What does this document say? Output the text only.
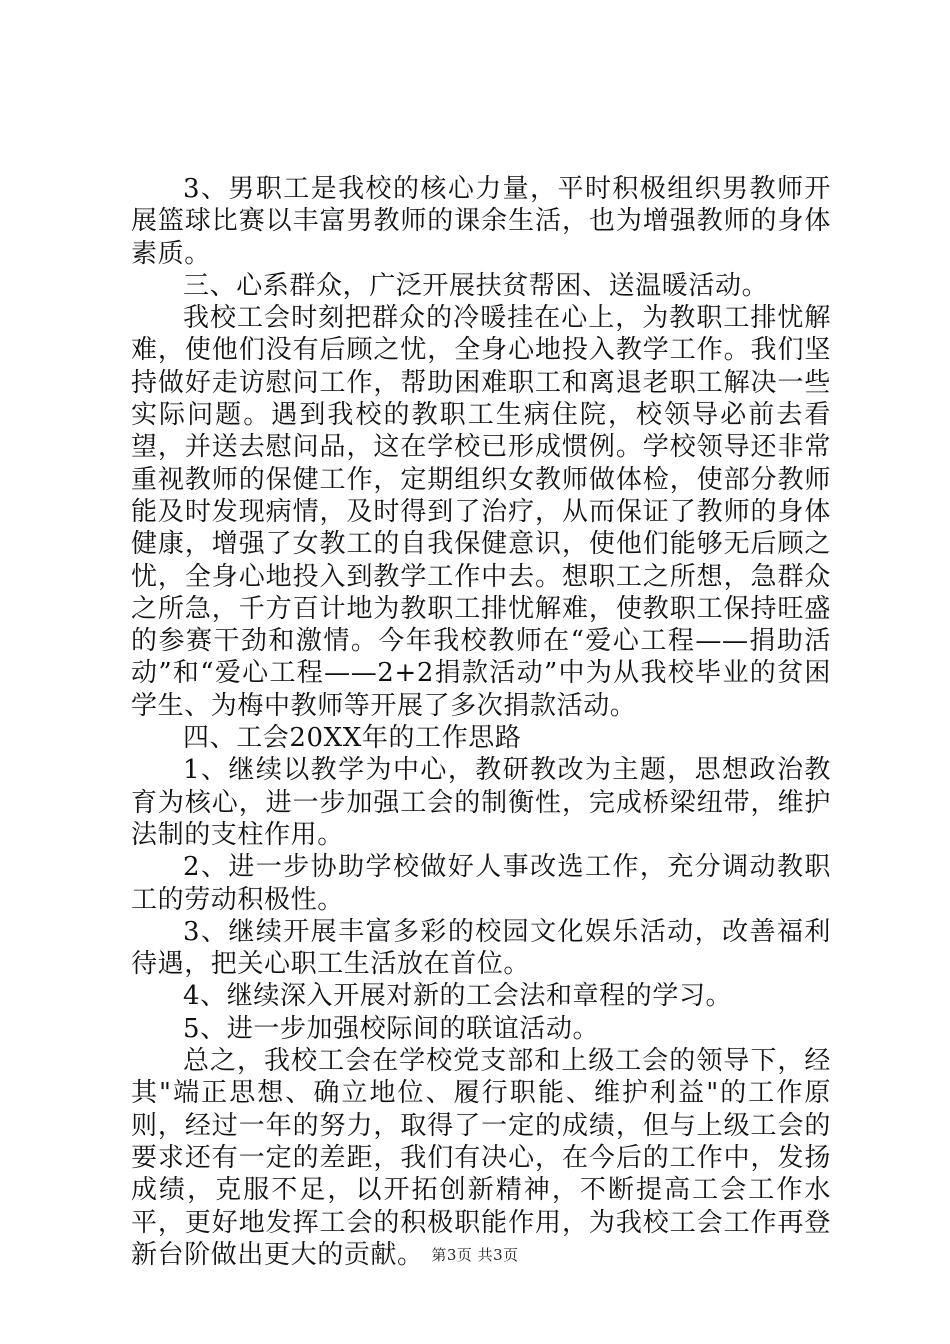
3、男职工是我校的核心力量，平时积极组织男教师开展篮球比赛以丰富男教师的课余生活，也为增强教师的身体素质。

三、心系群众，广泛开展扶贫帮困、送温暖活动。

我校工会时刻把群众的冷暖挂在心上，为教职工排忧解难，使他们没有后顾之忧，全身心地投入教学工作。我们坚持做好走访慰问工作，帮助困难职工和离退老职工解决一些实际问题。遇到我校的教职工生病住院，校领导必前去看望，并送去慰问品，这在学校已形成惯例。学校领导还非常重视教师的保健工作，定期组织女教师做体检，使部分教师能及时发现病情，及时得到了治疗，从而保证了教师的身体健康，增强了女教工的自我保健意识，使他们能够无后顾之忧，全身心地投入到教学工作中去。想职工之所想，急群众之所急，千方百计地为教职工排忧解难，使教职工保持旺盛的参赛干劲和激情。今年我校教师在“爱心工程——捐助活动”和“爱心工程——2+2捐款活动”中为从我校毕业的贫困学生、为梅中教师等开展了多次捐款活动。

四、工会20XX年的工作思路

1、继续以教学为中心，教研教改为主题，思想政治教育为核心，进一步加强工会的制衡性，完成桥梁纽带，维护法制的支柱作用。

2、进一步协助学校做好人事改选工作，充分调动教职工的劳动积极性。

3、继续开展丰富多彩的校园文化娱乐活动，改善福利待遇，把关心职工生活放在首位。

4、继续深入开展对新的工会法和章程的学习。

5、进一步加强校际间的联谊活动。

总之，我校工会在学校党支部和上级工会的领导下，经其"端正思想、确立地位、履行职能、维护利益"的工作原则，经过一年的努力，取得了一定的成绩，但与上级工会的要求还有一定的差距，我们有决心，在今后的工作中，发扬成绩，克服不足，以开拓创新精神，不断提高工会工作水平，更好地发挥工会的积极职能作用，为我校工会工作再登新台阶做出更大的贡献。 第3页 共3页
